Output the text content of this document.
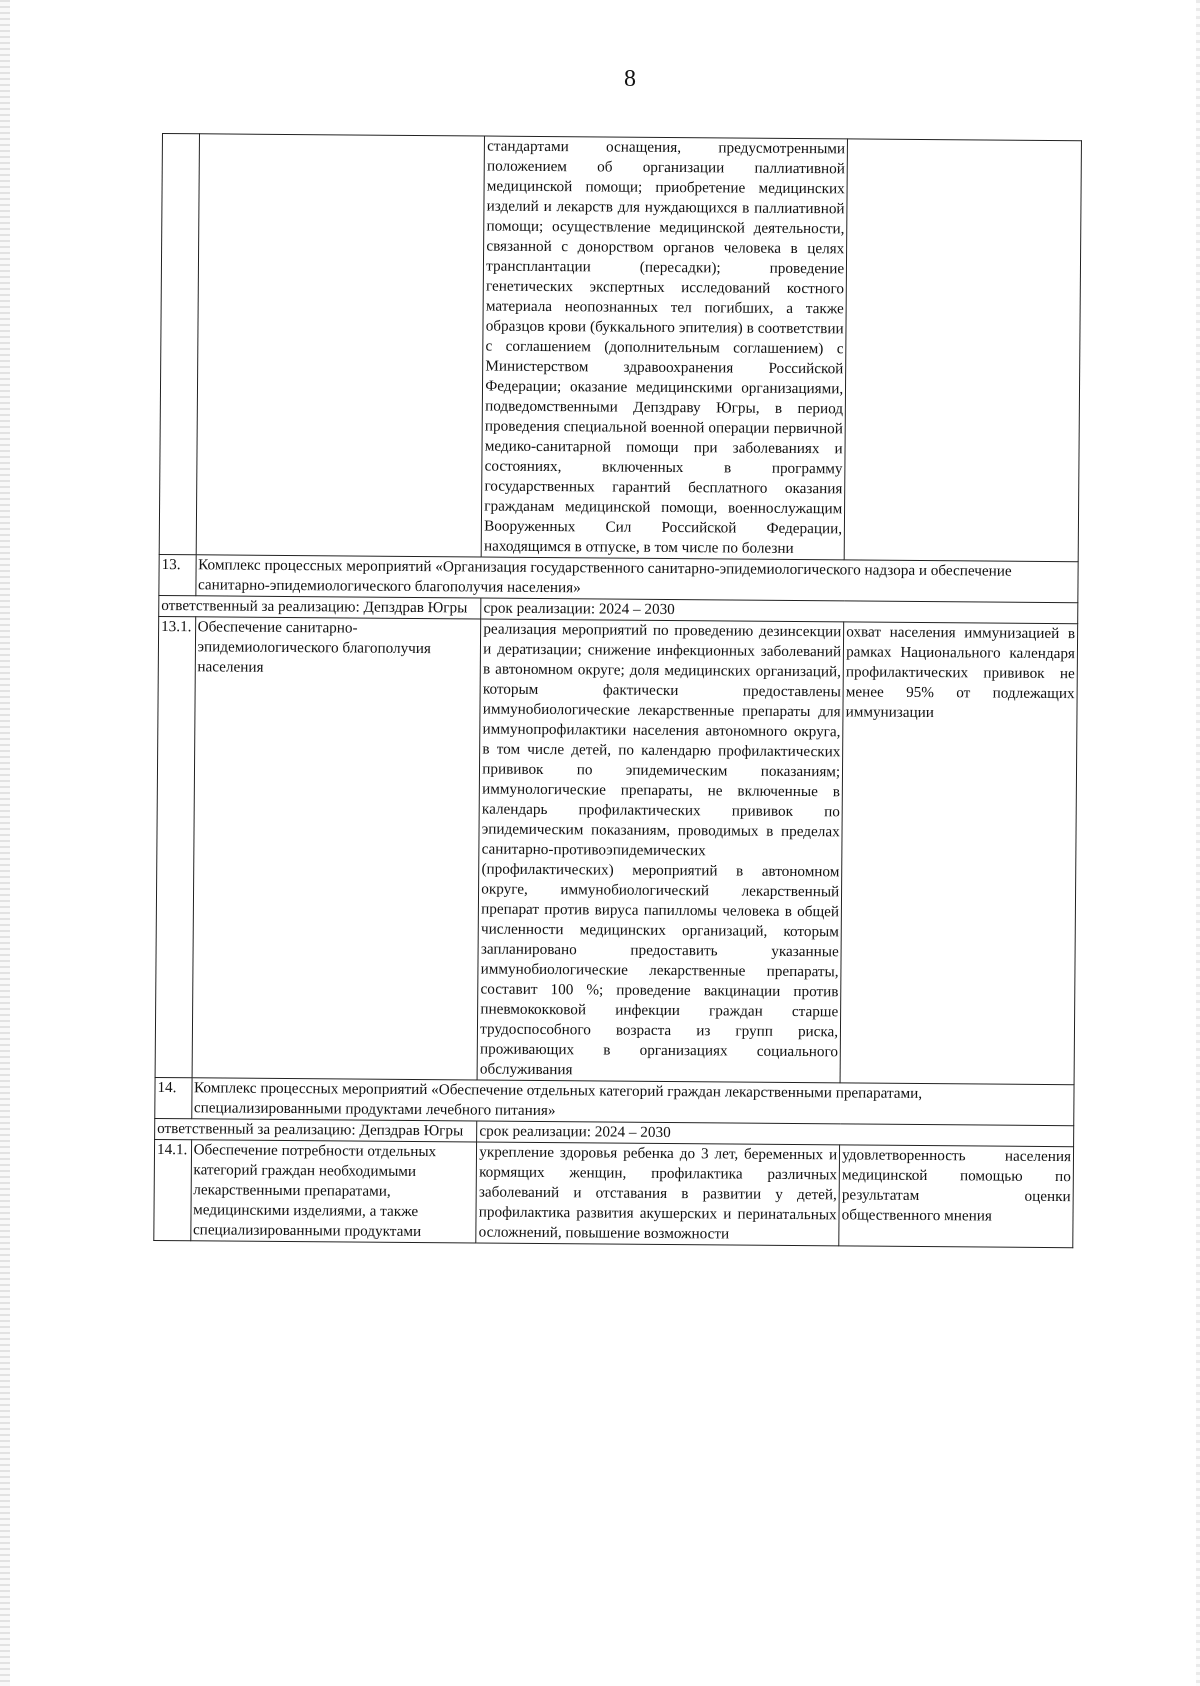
8
		стандартами оснащения, предусмотренными положением об организации паллиативной медицинской помощи; приобретение медицинских изделий и лекарств для нуждающихся в паллиативной помощи; осуществление медицинской деятельности, связанной с донорством органов человека в целях трансплантации (пересадки); проведение генетических экспертных исследований костного материала неопознанных тел погибших, а также образцов крови (буккального эпителия) в соответствии с соглашением (дополнительным соглашением) с Министерством здравоохранения Российской Федерации; оказание медицинскими организациями, подведомственными Депздраву Югры, в период проведения специальной военной операции первичной медико-санитарной помощи при заболеваниях и состояниях, включенных в программу государственных гарантий бесплатного оказания гражданам медицинской помощи, военнослужащим Вооруженных Сил Российской Федерации, находящимся в отпуске, в том числе по болезни	
13.	Комплекс процессных мероприятий «Организация государственного санитарно-эпидемиологического надзора и обеспечение санитарно-эпидемиологического благополучия населения»		
ответственный за реализацию: Депздрав Югры		срок реализации: 2024 – 2030	
13.1.	Обеспечение санитарно-эпидемиологического благополучия населения	реализация мероприятий по проведению дезинсекции и дератизации; снижение инфекционных заболеваний в автономном округе; доля медицинских организаций, которым фактически предоставлены иммунобиологические лекарственные препараты для иммунопрофилактики населения автономного округа, в том числе детей, по календарю профилактических прививок по эпидемическим показаниям; иммунологические препараты, не включенные в календарь профилактических прививок по эпидемическим показаниям, проводимых в пределах санитарно-противоэпидемических (профилактических) мероприятий в автономном округе, иммунобиологический лекарственный препарат против вируса папилломы человека в общей численности медицинских организаций, которым запланировано предоставить указанные иммунобиологические лекарственные препараты, составит 100 %; проведение вакцинации против пневмококковой инфекции граждан старше трудоспособного возраста из групп риска, проживающих в организациях социального обслуживания	охват населения иммунизацией в рамках Национального календаря профилактических прививок не менее 95% от подлежащих иммунизации
14.	Комплекс процессных мероприятий «Обеспечение отдельных категорий граждан лекарственными препаратами, специализированными продуктами лечебного питания»		
ответственный за реализацию: Депздрав Югры		срок реализации: 2024 – 2030	
14.1.	Обеспечение потребности отдельных категорий граждан необходимыми лекарственными препаратами, медицинскими изделиями, а также специализированными продуктами	укрепление здоровья ребенка до 3 лет, беременных и кормящих женщин, профилактика различных заболеваний и отставания в развитии у детей, профилактика развития акушерских и перинатальных осложнений, повышение возможности	удовлетворенность населения медицинской помощью по результатам оценки общественного мнения
